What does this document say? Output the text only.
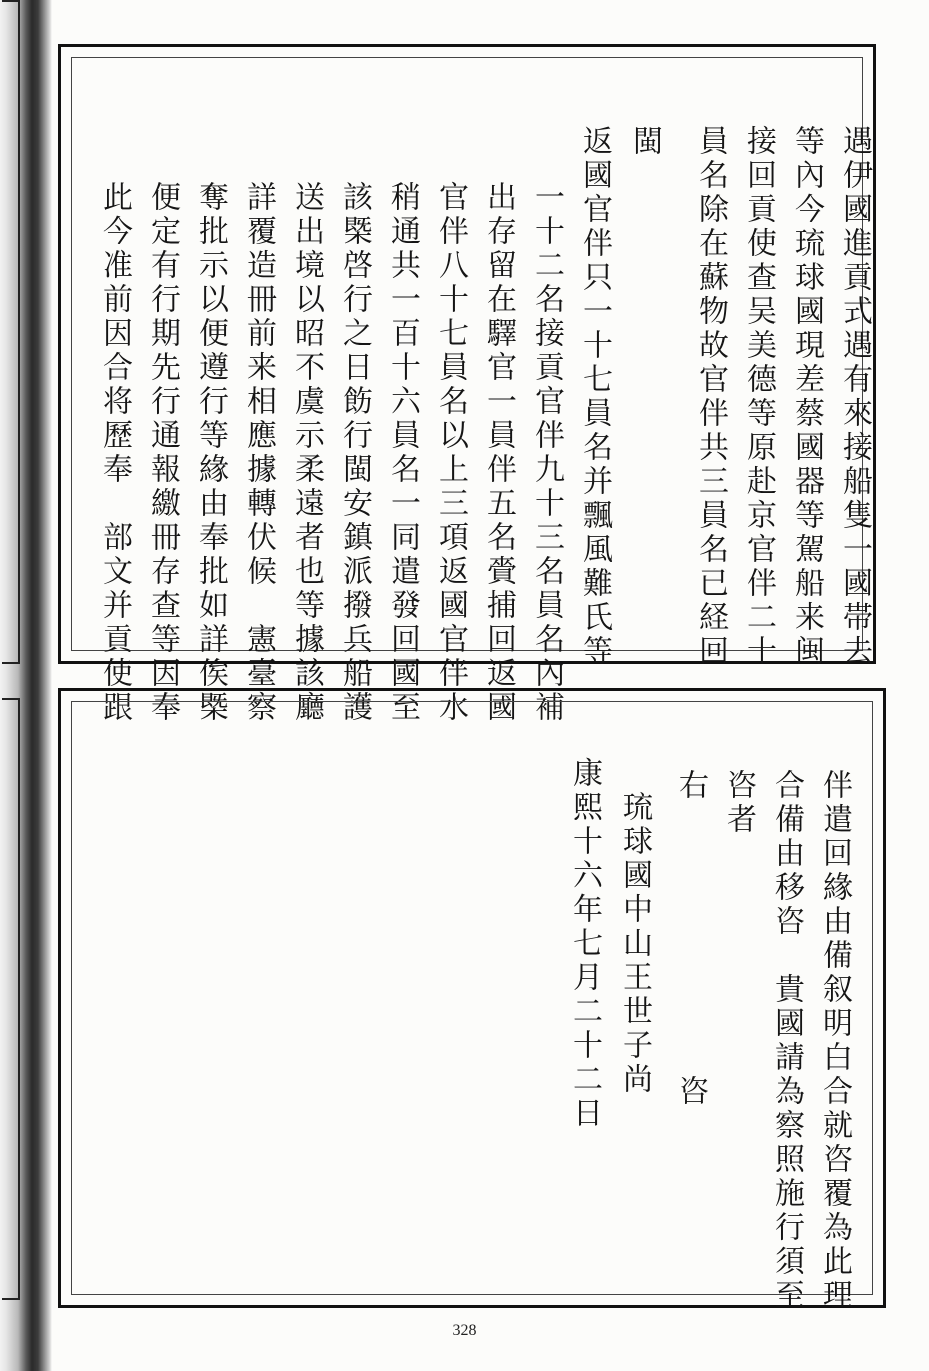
遇伊國進貢式遇有來接船隻一國帯去
等內今琉球國現差蔡國器等駕船来闽
接回貢使查吴美德等原赴京官伴二十
員名除在蘇物故官伴共三員名已経回
閩
返國官伴只一十七員名并飄風難氏等
一十二名接貢官伴九十三名員名內補
出存留在驛官一員伴五名賫捕回返國
官伴八十七員名以上三項返國官伴水
稍通共一百十六員名一同遣發回國至
該㮣啓行之日飭行閩安鎮派撥兵船護
送出境以昭不虞示柔遠者也等據該廳
詳覆造冊前来相應據轉伏候　憲臺察
奪批示以便遵行等緣由奉批如詳俟㮣
便定有行期先行通報繳冊存查等因奉
此今准前因合将歷奉　部文并貢使跟
伴遣回緣由備叙明白合就咨覆為此理
合備由移咨　貴國請為察照施行須至
咨者
右　　　　　　　　咨
琉球國中山王世子尚
康熙十六年七月二十二日
328
